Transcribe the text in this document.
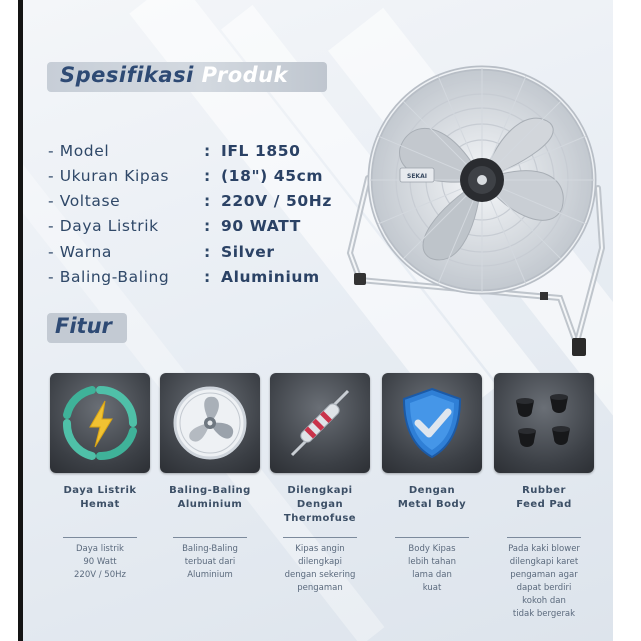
Spesifikasi Produk
- Model	: IFL 1850
- Ukuran Kipas : (18") 45cm
- Voltase	: 220V / 50Hz
- Daya Listrik	: 90 WATT
- Warna	: Silver
- Baling-Baling : Aluminium
SEKAI
Fitur
Daya Listrik
Hemat
Daya listrik
90 Watt
220V / 50Hz
Baling-Baling
Aluminium
Baling-Baling
terbuat dari
Aluminium
Dilengkapi
Dengan
Thermofuse
Kipas angin
dilengkapi
dengan sekering
pengaman
Dengan
Metal Body
Body Kipas
lebih tahan
lama dan
kuat
Rubber
Feed Pad
Pada kaki blower
dilengkapi karet
pengaman agar
dapat berdiri
kokoh dan
tidak bergerak
